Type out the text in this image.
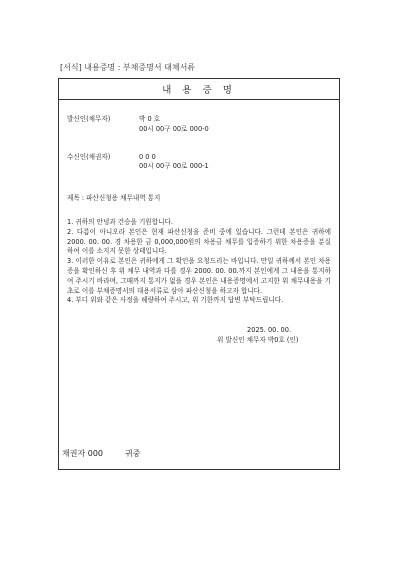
[서식] 내용증명 : 부채증명서 대체서류
내 용 증 명
발신인(채무자)	박 0 호
00시 00구 00로 000-0
수신인(채권자)	0 0 0
00시 00구 00로 000-1
제목 : 파산신청용 채무내역 통지

1. 귀하의 안녕과 건승을 기원합니다.

2. 다름이 아니오라 본인은 현재 파산신청을 준비 중에 있습니다. 그런데 본인은 귀하에 2000. 00. 00. 경 차용한 금 0,000,000원의 차용금 채무를 입증하기 위한 차용증을 분실하여 이를 소지지 못한 상태입니다.

3. 이러한 이유로 본인은 귀하에게 그 확인을 요청드리는 바입니다. 만일 귀하께서 본인 차용증을 확인하신 후 위 채무 내역과 다를 경우 2000. 00. 00.까지 본인에게 그 내용을 통지하여 주시기 바라며, 그때까지 통지가 없을 경우 본인은 내용증명에서 고지한 위 채무내용을 기초로 이를 부채증명서의 대용서류로 삼아 파산신청을 하고자 합니다.

4. 부디 위와 같은 사정을 헤량하여 주시고, 위 기한까지 답변 부탁드립니다.

2025. 00. 00.
위 발신인 채무자 박0호 (인)
채권자 000	귀중
